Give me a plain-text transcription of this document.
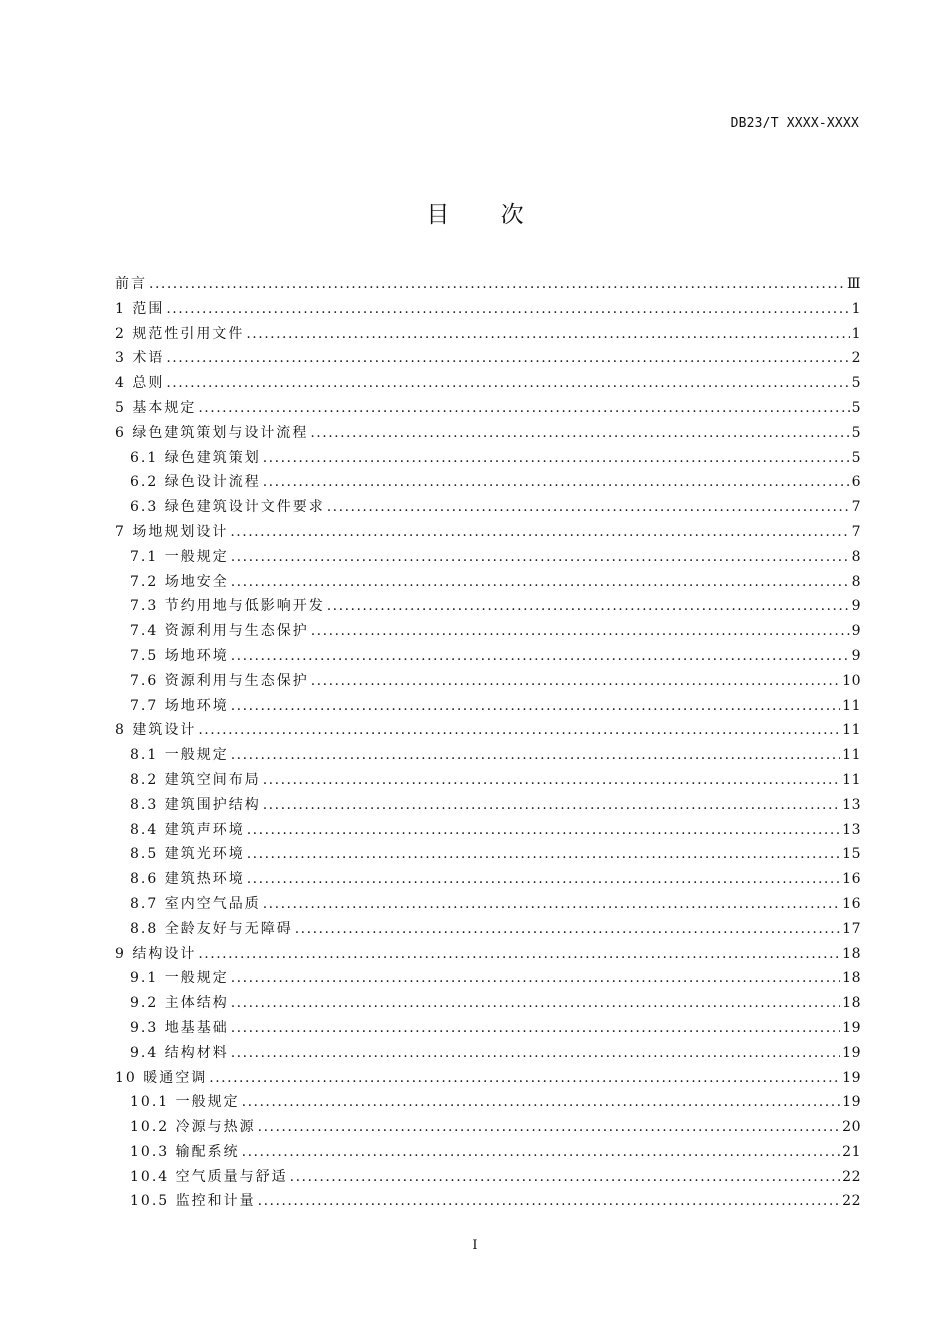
DB23/T XXXX-XXXX
目 次
前言 .....	Ⅲ
1 范围 .....	1
2 规范性引用文件 .....	1
3 术语 .....	2
4 总则 .....	5
5 基本规定 .....	5
6 绿色建筑策划与设计流程 .....	5
6.1 绿色建筑策划 .....	5
6.2 绿色设计流程 .....	6
6.3 绿色建筑设计文件要求 .....	7
7 场地规划设计 .....	7
7.1 一般规定 .....	8
7.2 场地安全 .....	8
7.3 节约用地与低影响开发 .....	9
7.4 资源利用与生态保护 .....	9
7.5 场地环境 .....	9
7.6 资源利用与生态保护 .....	10
7.7 场地环境 .....	11
8 建筑设计 .....	11
8.1 一般规定 .....	11
8.2 建筑空间布局 .....	11
8.3 建筑围护结构 .....	13
8.4 建筑声环境 .....	13
8.5 建筑光环境 .....	15
8.6 建筑热环境 .....	16
8.7 室内空气品质 .....	16
8.8 全龄友好与无障碍 .....	17
9 结构设计 .....	18
9.1 一般规定 .....	18
9.2 主体结构 .....	18
9.3 地基基础 .....	19
9.4 结构材料 .....	19
10 暖通空调 .....	19
10.1 一般规定 .....	19
10.2 冷源与热源 .....	20
10.3 输配系统 .....	21
10.4 空气质量与舒适 .....	22
10.5 监控和计量 .....	22
I
